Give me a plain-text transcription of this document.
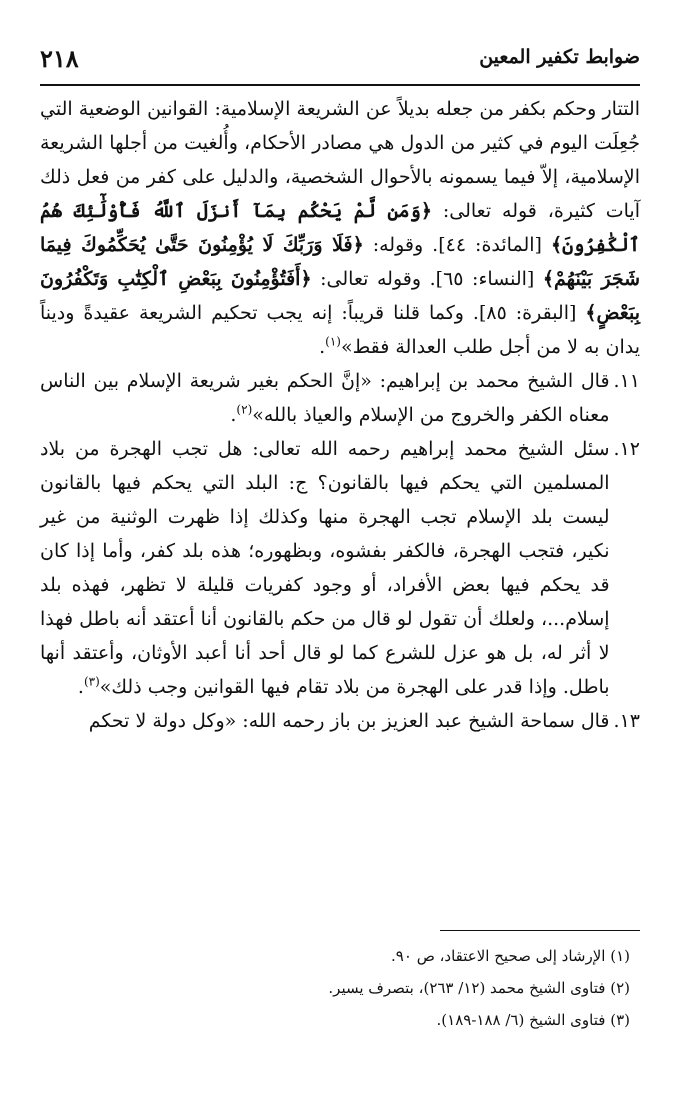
ضوابط تكفير المعين
٢١٨

التتار وحكم بكفر من جعله بديلاً عن الشريعة الإسلامية: القوانين الوضعية التي جُعِلَت اليوم في كثير من الدول هي مصادر الأحكام، وأُلغيت من أجلها الشريعة الإسلامية، إلاّ فيما يسمونه بالأحوال الشخصية، والدليل على كفر من فعل ذلك آيات كثيرة، قوله تعالى: ﴿وَمَن لَّمْ يَحْكُم بِمَآ أَنزَلَ ٱللَّهُ فَأُوْلَٰٓئِكَ هُمُ ٱلْكَٰفِرُونَ﴾ [المائدة: ٤٤]. وقوله: ﴿فَلَا وَرَبِّكَ لَا يُؤْمِنُونَ حَتَّىٰ يُحَكِّمُوكَ فِيمَا شَجَرَ بَيْنَهُمْ﴾ [النساء: ٦٥]. وقوله تعالى: ﴿أَفَتُؤْمِنُونَ بِبَعْضِ ٱلْكِتَٰبِ وَتَكْفُرُونَ بِبَعْضٍ﴾ [البقرة: ٨٥]. وكما قلنا قريباً: إنه يجب تحكيم الشريعة عقيدةً وديناً يدان به لا من أجل طلب العدالة فقط»$^{(١)}$.

١١.
قال الشيخ محمد بن إبراهيم: «إنَّ الحكم بغير شريعة الإسلام بين الناس معناه الكفر والخروج من الإسلام والعياذ بالله»$^{(٢)}$.
١٢.
سئل الشيخ محمد إبراهيم رحمه الله تعالى: هل تجب الهجرة من بلاد المسلمين التي يحكم فيها بالقانون؟ ج: البلد التي يحكم فيها بالقانون ليست بلد الإسلام تجب الهجرة منها وكذلك إذا ظهرت الوثنية من غير نكير، فتجب الهجرة، فالكفر بفشوه، وبظهوره؛ هذه بلد كفر، وأما إذا كان قد يحكم فيها بعض الأفراد، أو وجود كفريات قليلة لا تظهر، فهذه بلد إسلام...، ولعلك أن تقول لو قال من حكم بالقانون أنا أعتقد أنه باطل فهذا لا أثر له، بل هو عزل للشرع كما لو قال أحد أنا أعبد الأوثان، وأعتقد أنها باطل. وإذا قدر على الهجرة من بلاد تقام فيها القوانين وجب ذلك»$^{(٣)}$.
١٣.
قال سماحة الشيخ عبد العزيز بن باز رحمه الله: «وكل دولة لا تحكم
(١) الإرشاد إلى صحيح الاعتقاد، ص ٩٠.
(٢) فتاوى الشيخ محمد (١٢/ ٢٦٣)، بتصرف يسير.
(٣) فتاوى الشيخ (٦/ ١٨٨-١٨٩).
